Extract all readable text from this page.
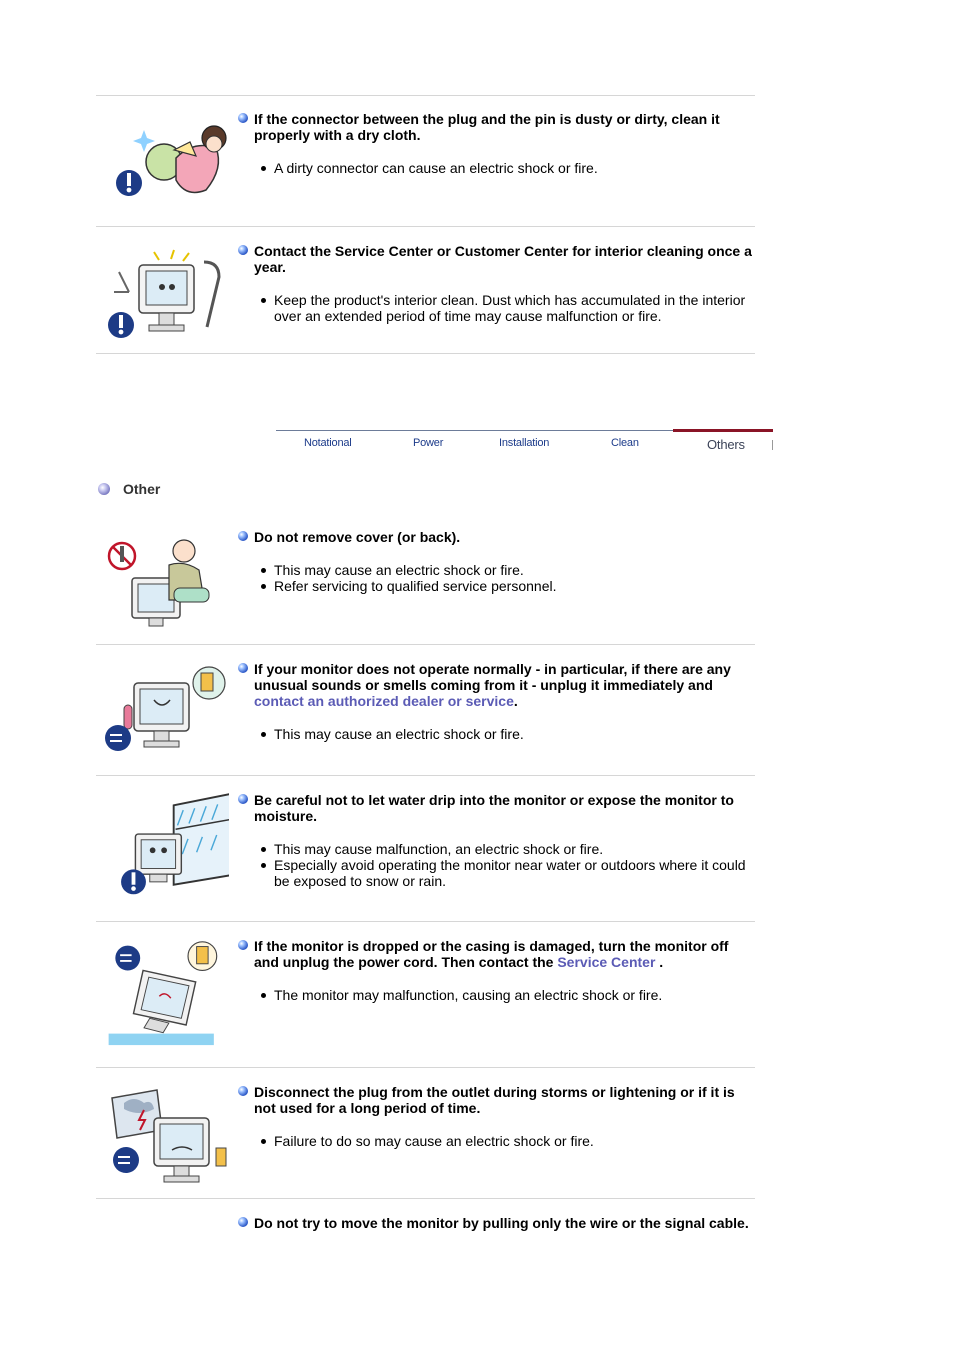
If the connector between the plug and the pin is dusty or dirty, clean it properly with a dry cloth.
A dirty connector can cause an electric shock or fire.
Contact the Service Center or Customer Center for interior cleaning once a year.
Keep the product's interior clean. Dust which has accumulated in the interior over an extended period of time may cause malfunction or fire.
Notational	Power	Installation	Clean	Others
Other
Do not remove cover (or back).
This may cause an electric shock or fire.
Refer servicing to qualified service personnel.
If your monitor does not operate normally - in particular, if there are any unusual sounds or smells coming from it - unplug it immediately and contact an authorized dealer or service.
This may cause an electric shock or fire.
Be careful not to let water drip into the monitor or expose the monitor to moisture.
This may cause malfunction, an electric shock or fire.
Especially avoid operating the monitor near water or outdoors where it could be exposed to snow or rain.
If the monitor is dropped or the casing is damaged, turn the monitor off and unplug the power cord. Then contact the Service Center .
The monitor may malfunction, causing an electric shock or fire.
Disconnect the plug from the outlet during storms or lightening or if it is not used for a long period of time.
Failure to do so may cause an electric shock or fire.
Do not try to move the monitor by pulling only the wire or the signal cable.
